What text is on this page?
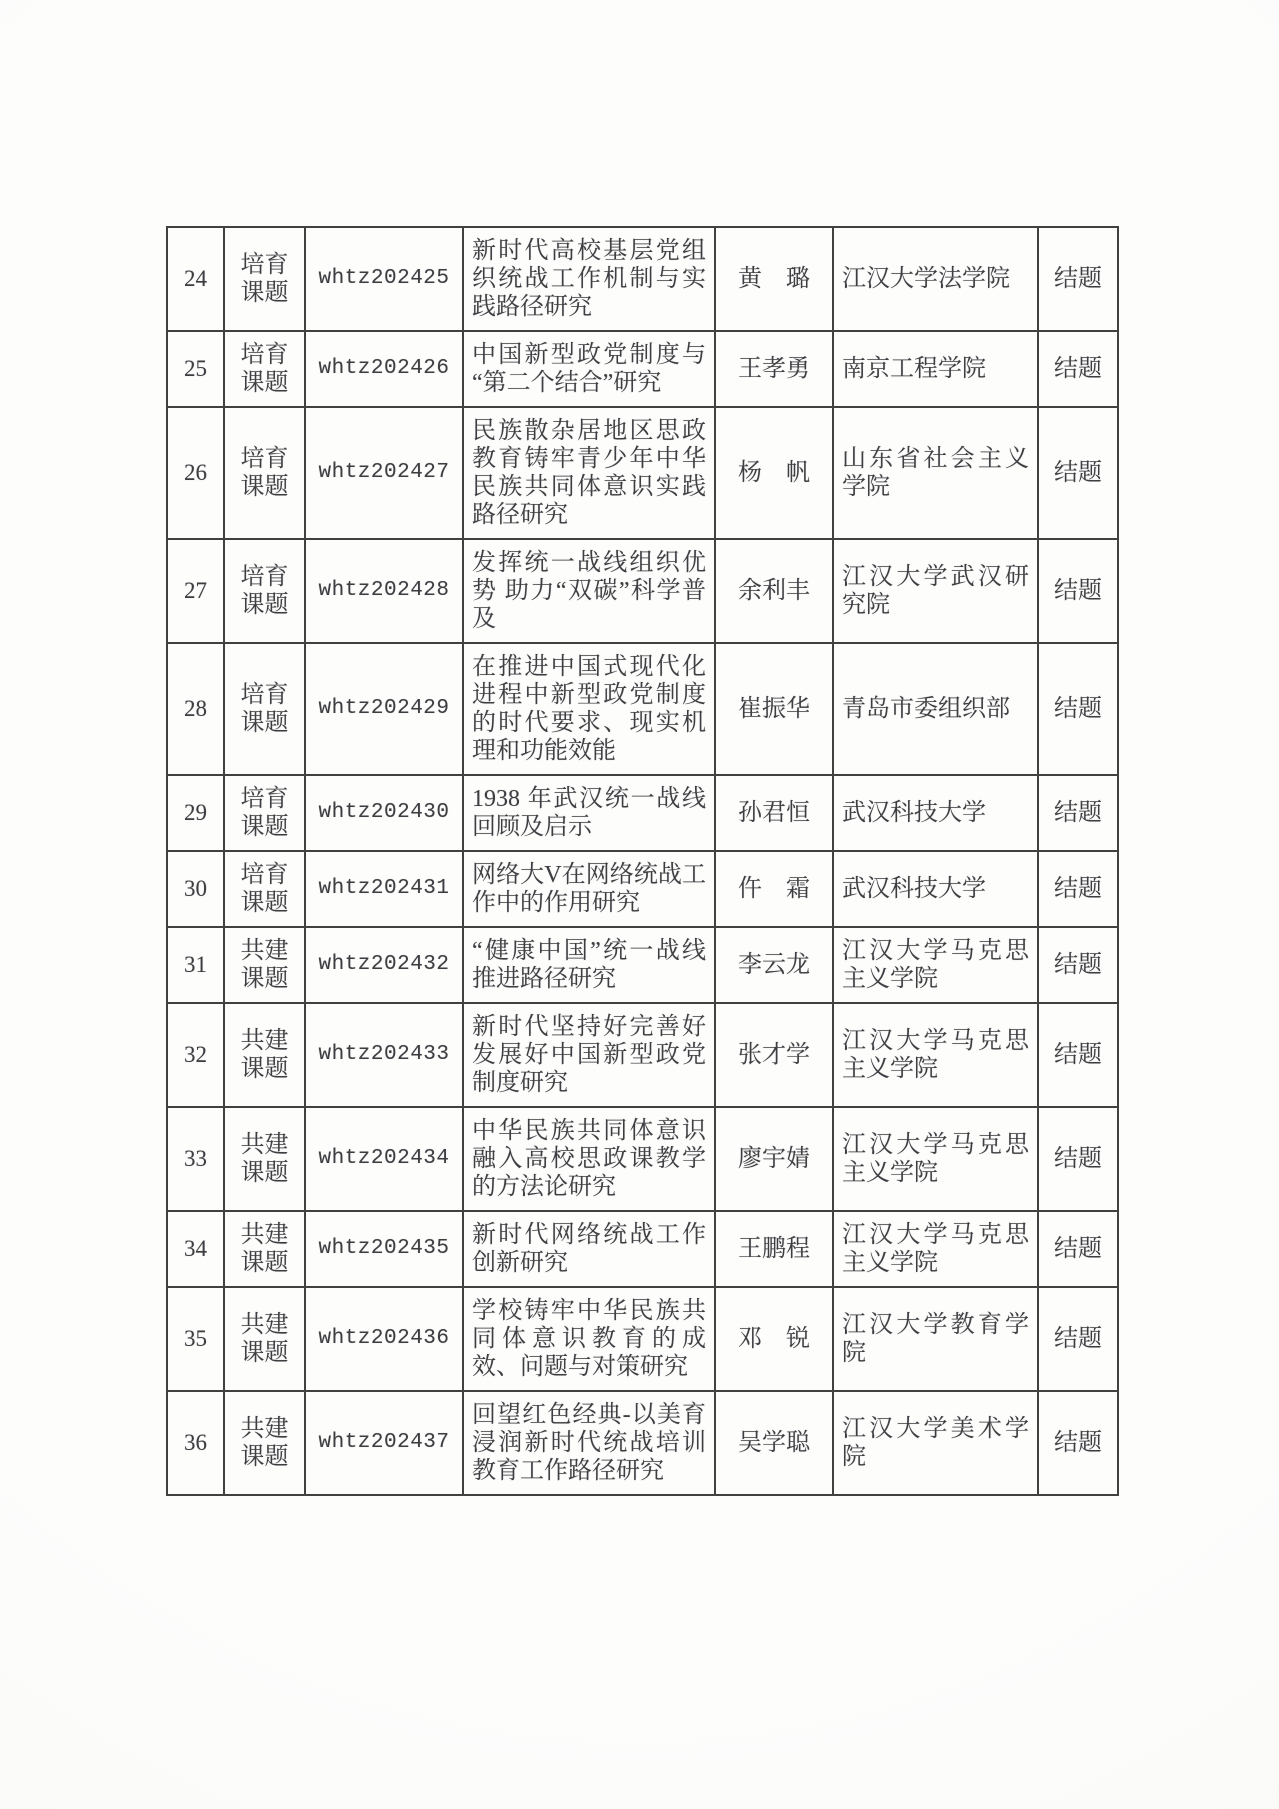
24	培育课题	whtz202425	新时代高校基层党组织统战工作机制与实践路径研究	黄　璐	江汉大学法学院	结题
25	培育课题	whtz202426	中国新型政党制度与“第二个结合”研究	王孝勇	南京工程学院	结题
26	培育课题	whtz202427	民族散杂居地区思政教育铸牢青少年中华民族共同体意识实践路径研究	杨　帆	山东省社会主义学院	结题
27	培育课题	whtz202428	发挥统一战线组织优势 助力“双碳”科学普及	余利丰	江汉大学武汉研究院	结题
28	培育课题	whtz202429	在推进中国式现代化进程中新型政党制度的时代要求、现实机理和功能效能	崔振华	青岛市委组织部	结题
29	培育课题	whtz202430	1938 年武汉统一战线回顾及启示	孙君恒	武汉科技大学	结题
30	培育课题	whtz202431	网络大V在网络统战工作中的作用研究	仵　霜	武汉科技大学	结题
31	共建课题	whtz202432	“健康中国”统一战线推进路径研究	李云龙	江汉大学马克思主义学院	结题
32	共建课题	whtz202433	新时代坚持好完善好发展好中国新型政党制度研究	张才学	江汉大学马克思主义学院	结题
33	共建课题	whtz202434	中华民族共同体意识融入高校思政课教学的方法论研究	廖宇婧	江汉大学马克思主义学院	结题
34	共建课题	whtz202435	新时代网络统战工作创新研究	王鹏程	江汉大学马克思主义学院	结题
35	共建课题	whtz202436	学校铸牢中华民族共同体意识教育的成效、问题与对策研究	邓　锐	江汉大学教育学院	结题
36	共建课题	whtz202437	回望红色经典-以美育浸润新时代统战培训教育工作路径研究	吴学聪	江汉大学美术学院	结题
